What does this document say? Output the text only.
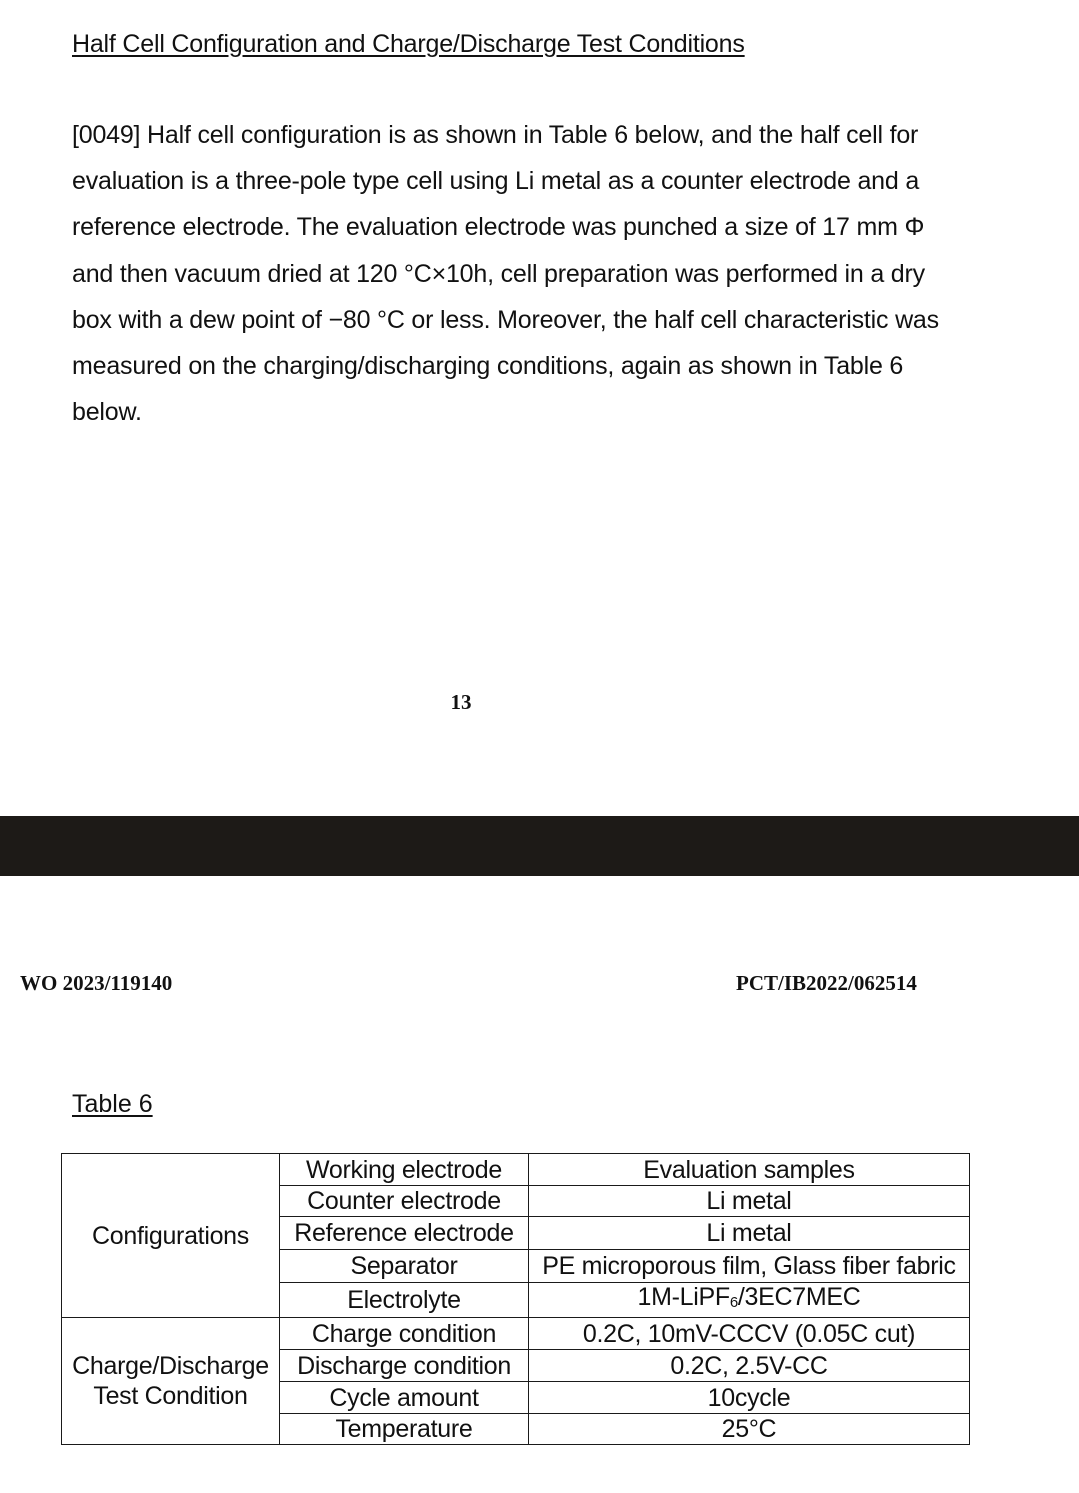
Half Cell Configuration and Charge/Discharge Test Conditions
[0049] Half cell configuration is as shown in Table 6 below, and the half cell for
evaluation is a three-pole type cell using Li metal as a counter electrode and a
reference electrode. The evaluation electrode was punched a size of 17 mm Φ
and then vacuum dried at 120 °C×10h, cell preparation was performed in a dry
box with a dew point of −80 °C or less. Moreover, the half cell characteristic was
measured on the charging/discharging conditions, again as shown in Table 6
below.
13
WO 2023/119140	PCT/IB2022/062514
Table 6
Configurations	Working electrode	Evaluation samples
	Counter electrode	Li metal
	Reference electrode	Li metal
	Separator	PE microporous film, Glass fiber fabric
	Electrolyte	1M-LiPF6/3EC7MEC
Charge/Discharge
Test Condition	Charge condition	0.2C, 10mV-CCCV (0.05C cut)
	Discharge condition	0.2C, 2.5V-CC
	Cycle amount	10cycle
	Temperature	25°C
